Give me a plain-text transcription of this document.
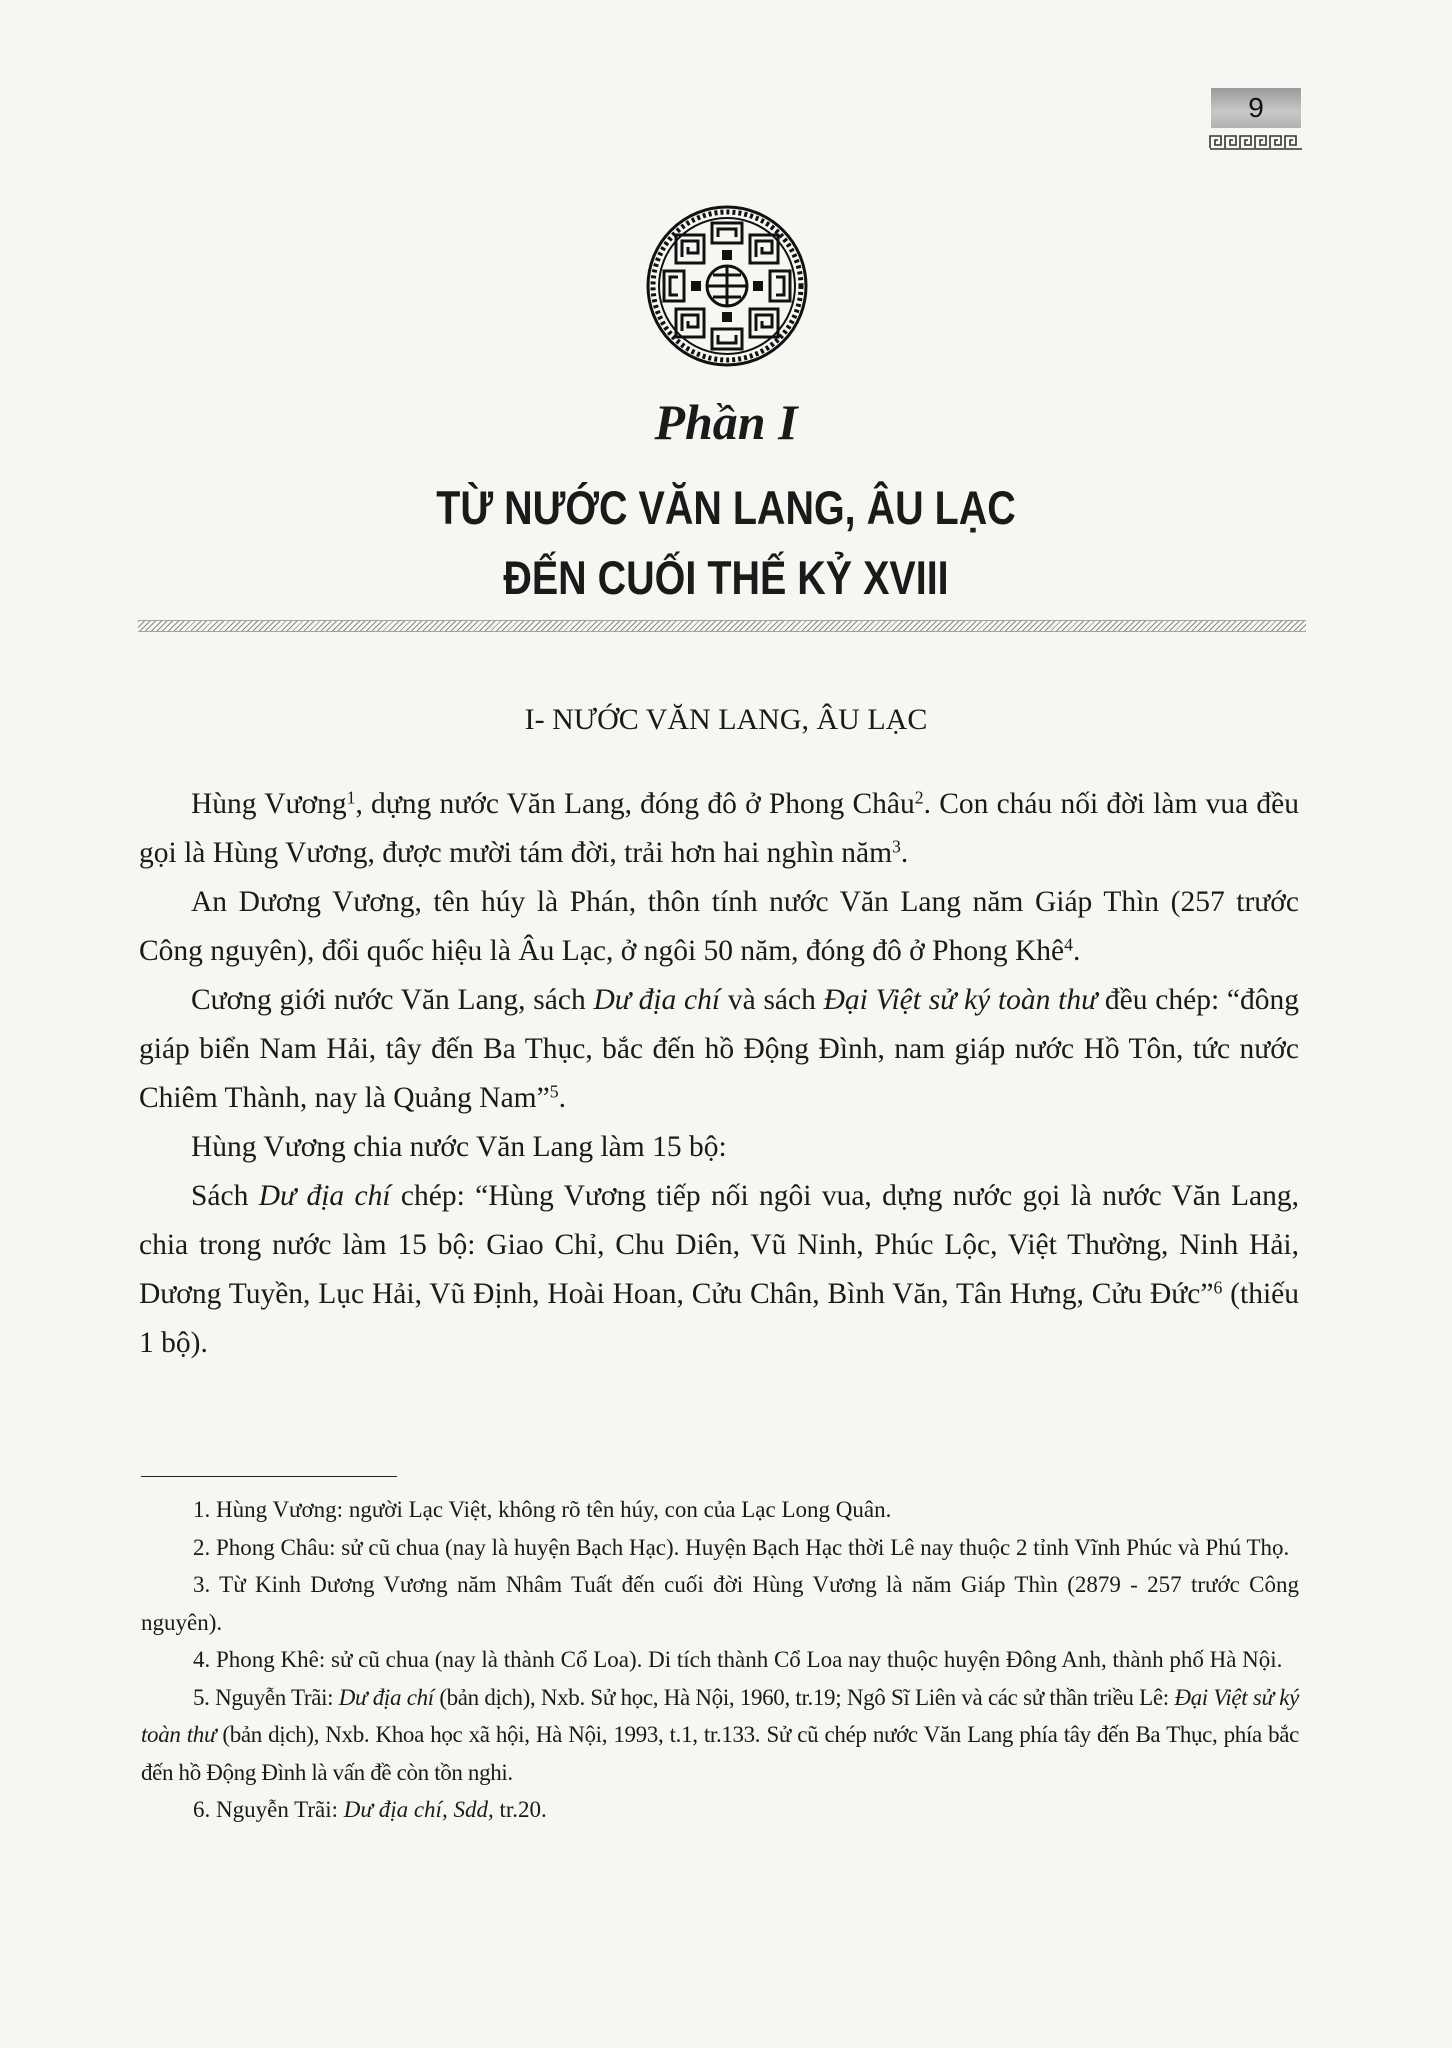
9
Phần I
TỪ NƯỚC VĂN LANG, ÂU LẠC
ĐẾN CUỐI THẾ KỶ XVIII
I- NƯỚC VĂN LANG, ÂU LẠC

Hùng Vương$^1$, dựng nước Văn Lang, đóng đô ở Phong Châu$^2$. Con cháu nối đời làm vua đều gọi là Hùng Vương, được mười tám đời, trải hơn hai nghìn năm$^3$.

An Dương Vương, tên húy là Phán, thôn tính nước Văn Lang năm Giáp Thìn (257 trước Công nguyên), đổi quốc hiệu là Âu Lạc, ở ngôi 50 năm, đóng đô ở Phong Khê$^4$.

Cương giới nước Văn Lang, sách Dư địa chí và sách Đại Việt sử ký toàn thư đều chép: “đông giáp biển Nam Hải, tây đến Ba Thục, bắc đến hồ Động Đình, nam giáp nước Hồ Tôn, tức nước Chiêm Thành, nay là Quảng Nam”$^5$.

Hùng Vương chia nước Văn Lang làm 15 bộ:

Sách Dư địa chí chép: “Hùng Vương tiếp nối ngôi vua, dựng nước gọi là nước Văn Lang, chia trong nước làm 15 bộ: Giao Chỉ, Chu Diên, Vũ Ninh, Phúc Lộc, Việt Thường, Ninh Hải, Dương Tuyền, Lục Hải, Vũ Định, Hoài Hoan, Cửu Chân, Bình Văn, Tân Hưng, Cửu Đức”$^6$ (thiếu 1 bộ).

1. Hùng Vương: người Lạc Việt, không rõ tên húy, con của Lạc Long Quân.

2. Phong Châu: sử cũ chua (nay là huyện Bạch Hạc). Huyện Bạch Hạc thời Lê nay thuộc 2 tỉnh Vĩnh Phúc và Phú Thọ.

3. Từ Kinh Dương Vương năm Nhâm Tuất đến cuối đời Hùng Vương là năm Giáp Thìn (2879 - 257 trước Công nguyên).

4. Phong Khê: sử cũ chua (nay là thành Cổ Loa). Di tích thành Cổ Loa nay thuộc huyện Đông Anh, thành phố Hà Nội.

5. Nguyễn Trãi: Dư địa chí (bản dịch), Nxb. Sử học, Hà Nội, 1960, tr.19; Ngô Sĩ Liên và các sử thần triều Lê: Đại Việt sử ký toàn thư (bản dịch), Nxb. Khoa học xã hội, Hà Nội, 1993, t.1, tr.133. Sử cũ chép nước Văn Lang phía tây đến Ba Thục, phía bắc đến hồ Động Đình là vấn đề còn tồn nghi.

6. Nguyễn Trãi: Dư địa chí, Sdd, tr.20.
